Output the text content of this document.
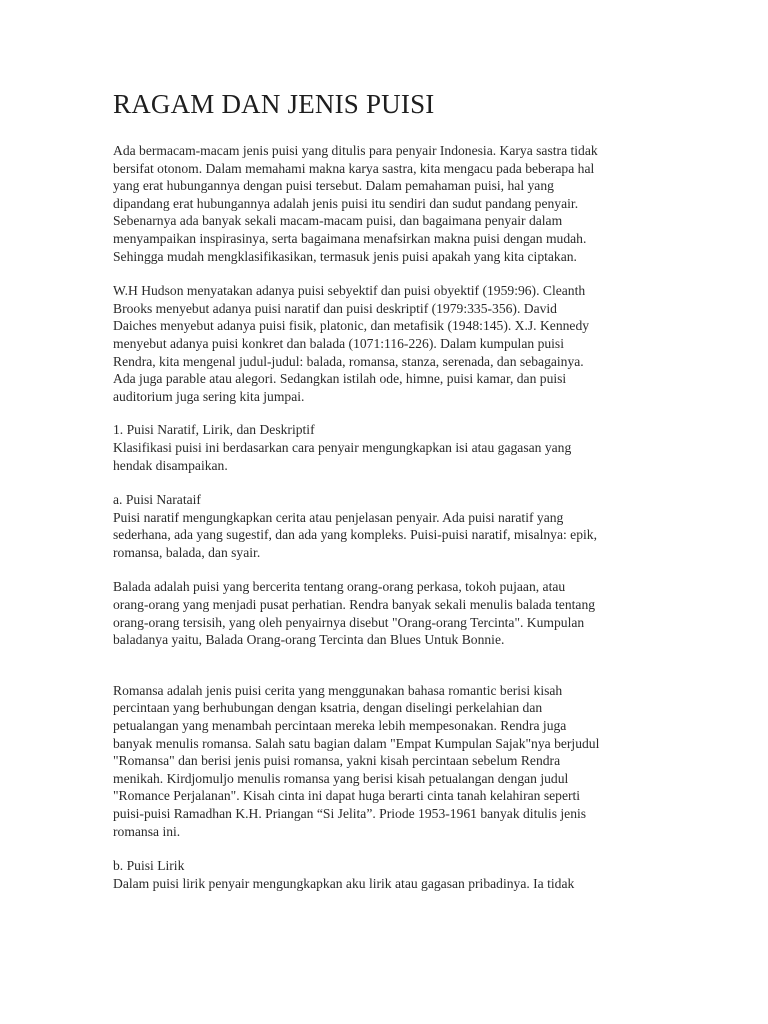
RAGAM DAN JENIS PUISI

Ada bermacam-macam jenis puisi yang ditulis para penyair Indonesia. Karya sastra tidak
bersifat otonom. Dalam memahami makna karya sastra, kita mengacu pada beberapa hal
yang erat hubungannya dengan puisi tersebut. Dalam pemahaman puisi, hal yang
dipandang erat hubungannya adalah jenis puisi itu sendiri dan sudut pandang penyair.
Sebenarnya ada banyak sekali macam-macam puisi, dan bagaimana penyair dalam
menyampaikan inspirasinya, serta bagaimana menafsirkan makna puisi dengan mudah.
Sehingga mudah mengklasifikasikan, termasuk jenis puisi apakah yang kita ciptakan.

W.H Hudson menyatakan adanya puisi sebyektif dan puisi obyektif (1959:96). Cleanth
Brooks menyebut adanya puisi naratif dan puisi deskriptif (1979:335-356). David
Daiches menyebut adanya puisi fisik, platonic, dan metafisik (1948:145). X.J. Kennedy
menyebut adanya puisi konkret dan balada (1071:116-226). Dalam kumpulan puisi
Rendra, kita mengenal judul-judul: balada, romansa, stanza, serenada, dan sebagainya.
Ada juga parable atau alegori. Sedangkan istilah ode, himne, puisi kamar, dan puisi
auditorium juga sering kita jumpai.

1. Puisi Naratif, Lirik, dan Deskriptif
Klasifikasi puisi ini berdasarkan cara penyair mengungkapkan isi atau gagasan yang
hendak disampaikan.

a. Puisi Narataif
Puisi naratif mengungkapkan cerita atau penjelasan penyair. Ada puisi naratif yang
sederhana, ada yang sugestif, dan ada yang kompleks. Puisi-puisi naratif, misalnya: epik,
romansa, balada, dan syair.

Balada adalah puisi yang bercerita tentang orang-orang perkasa, tokoh pujaan, atau
orang-orang yang menjadi pusat perhatian. Rendra banyak sekali menulis balada tentang
orang-orang tersisih, yang oleh penyairnya disebut "Orang-orang Tercinta". Kumpulan
baladanya yaitu, Balada Orang-orang Tercinta dan Blues Untuk Bonnie.

Romansa adalah jenis puisi cerita yang menggunakan bahasa romantic berisi kisah
percintaan yang berhubungan dengan ksatria, dengan diselingi perkelahian dan
petualangan yang menambah percintaan mereka lebih mempesonakan. Rendra juga
banyak menulis romansa. Salah satu bagian dalam "Empat Kumpulan Sajak"nya berjudul
"Romansa" dan berisi jenis puisi romansa, yakni kisah percintaan sebelum Rendra
menikah. Kirdjomuljo menulis romansa yang berisi kisah petualangan dengan judul
"Romance Perjalanan". Kisah cinta ini dapat huga berarti cinta tanah kelahiran seperti
puisi-puisi Ramadhan K.H. Priangan “Si Jelita”. Priode 1953-1961 banyak ditulis jenis
romansa ini.

b. Puisi Lirik
Dalam puisi lirik penyair mengungkapkan aku lirik atau gagasan pribadinya. Ia tidak
